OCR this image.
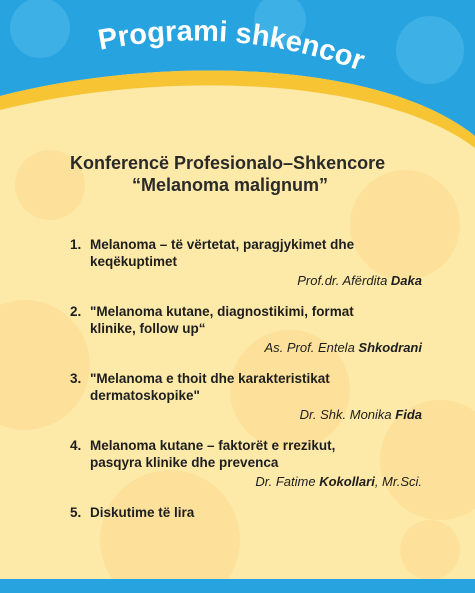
Programi shkencor
Konferencë Profesionalo–Shkencore
“Melanoma malignum”
1. Melanoma – të vërtetat, paragjykimet dhe
keqëkuptimet
Prof.dr. Afërdita Daka
2. "Melanoma kutane, diagnostikimi, format
klinike, follow up“
As. Prof. Entela Shkodrani
3. "Melanoma e thoit dhe karakteristikat
dermatoskopike"
Dr. Shk. Monika Fida
4. Melanoma kutane – faktorët e rrezikut,
pasqyra klinike dhe prevenca
Dr. Fatime Kokollari, Mr.Sci.
5. Diskutime të lira
